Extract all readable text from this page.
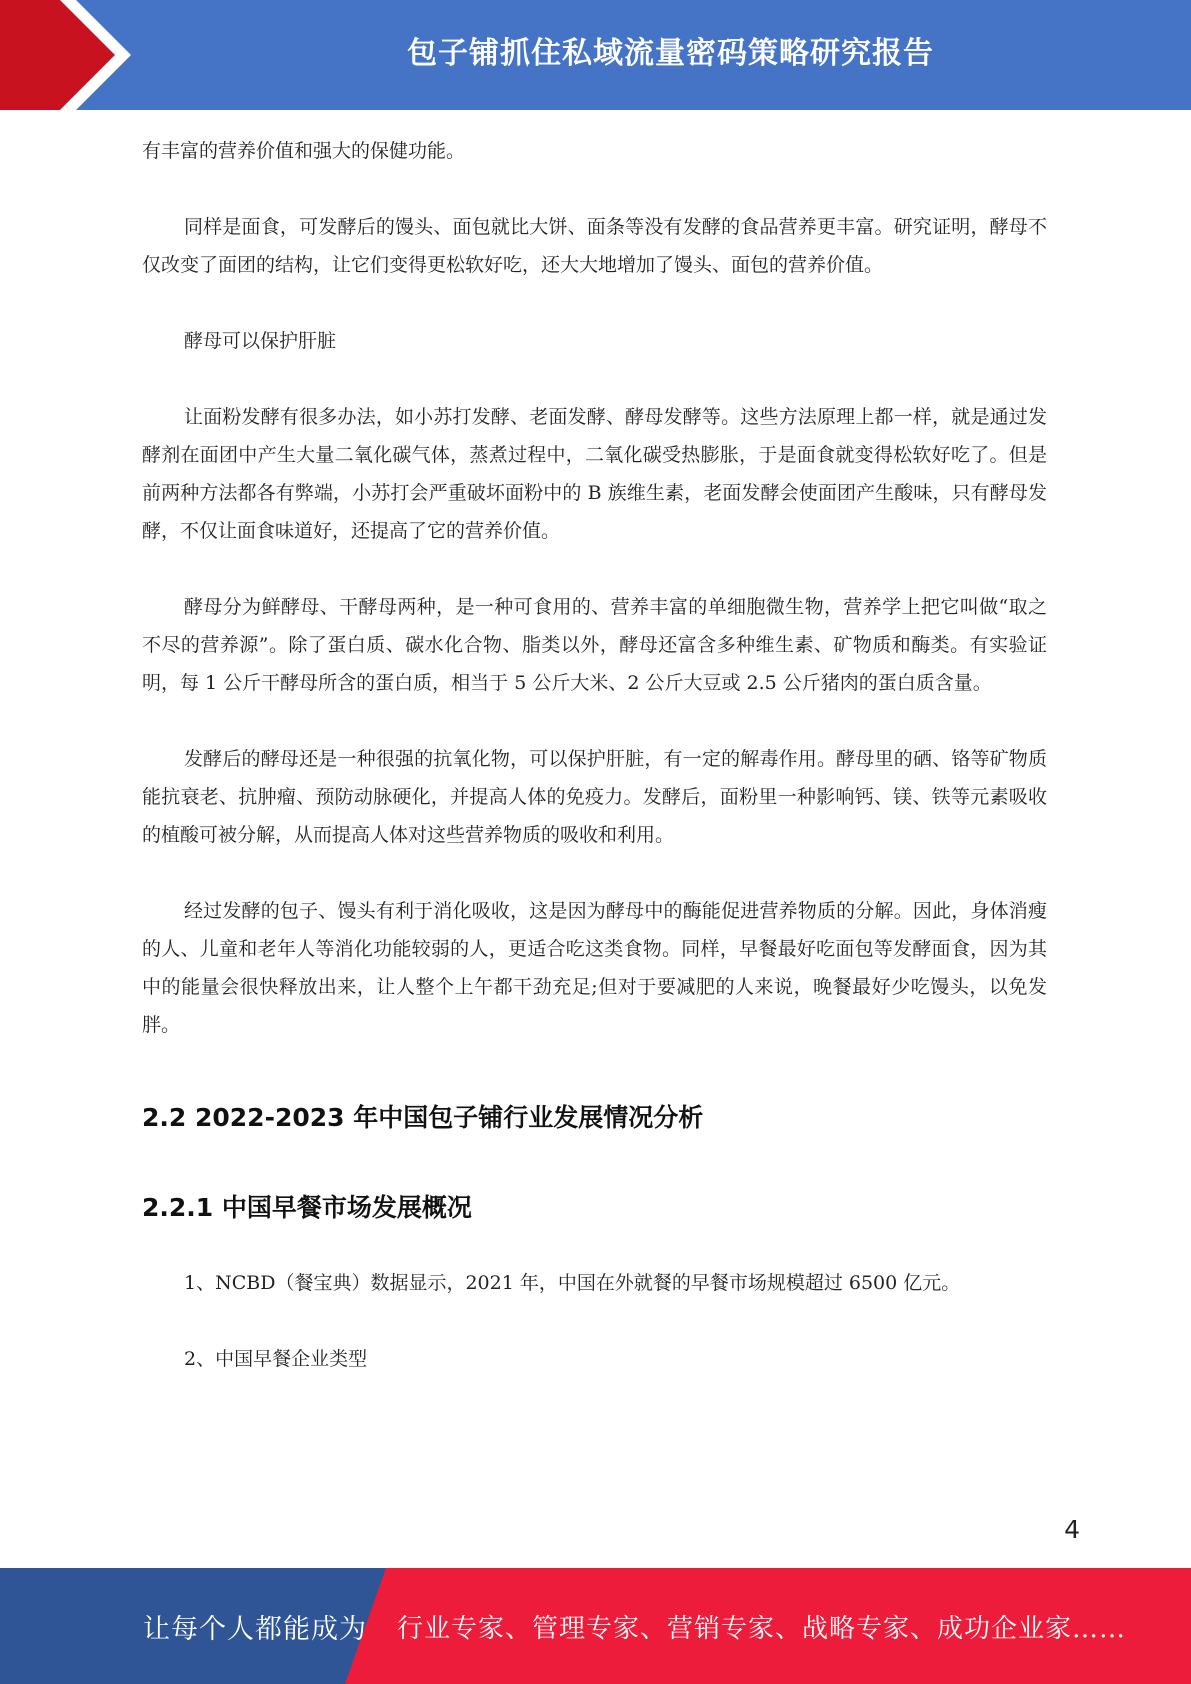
包子铺抓住私域流量密码策略研究报告

有丰富的营养价值和强大的保健功能。

同样是面食，可发酵后的馒头、面包就比大饼、面条等没有发酵的食品营养更丰富。研究证明，酵母不仅改变了面团的结构，让它们变得更松软好吃，还大大地增加了馒头、面包的营养价值。

酵母可以保护肝脏

让面粉发酵有很多办法，如小苏打发酵、老面发酵、酵母发酵等。这些方法原理上都一样，就是通过发酵剂在面团中产生大量二氧化碳气体，蒸煮过程中，二氧化碳受热膨胀，于是面食就变得松软好吃了。但是前两种方法都各有弊端，小苏打会严重破坏面粉中的 B 族维生素，老面发酵会使面团产生酸味，只有酵母发酵，不仅让面食味道好，还提高了它的营养价值。

酵母分为鲜酵母、干酵母两种，是一种可食用的、营养丰富的单细胞微生物，营养学上把它叫做“取之不尽的营养源”。除了蛋白质、碳水化合物、脂类以外，酵母还富含多种维生素、矿物质和酶类。有实验证明，每 1 公斤干酵母所含的蛋白质，相当于 5 公斤大米、2 公斤大豆或 2.5 公斤猪肉的蛋白质含量。

发酵后的酵母还是一种很强的抗氧化物，可以保护肝脏，有一定的解毒作用。酵母里的硒、铬等矿物质能抗衰老、抗肿瘤、预防动脉硬化，并提高人体的免疫力。发酵后，面粉里一种影响钙、镁、铁等元素吸收的植酸可被分解，从而提高人体对这些营养物质的吸收和利用。

经过发酵的包子、馒头有利于消化吸收，这是因为酵母中的酶能促进营养物质的分解。因此，身体消瘦的人、儿童和老年人等消化功能较弱的人，更适合吃这类食物。同样，早餐最好吃面包等发酵面食，因为其中的能量会很快释放出来，让人整个上午都干劲充足;但对于要减肥的人来说，晚餐最好少吃馒头，以免发胖。

2.2 2022-2023 年中国包子铺行业发展情况分析
2.2.1 中国早餐市场发展概况

1、NCBD（餐宝典）数据显示，2021 年，中国在外就餐的早餐市场规模超过 6500 亿元。

2、中国早餐企业类型

4
让每个人都能成为 行业专家、管理专家、营销专家、战略专家、成功企业家……
